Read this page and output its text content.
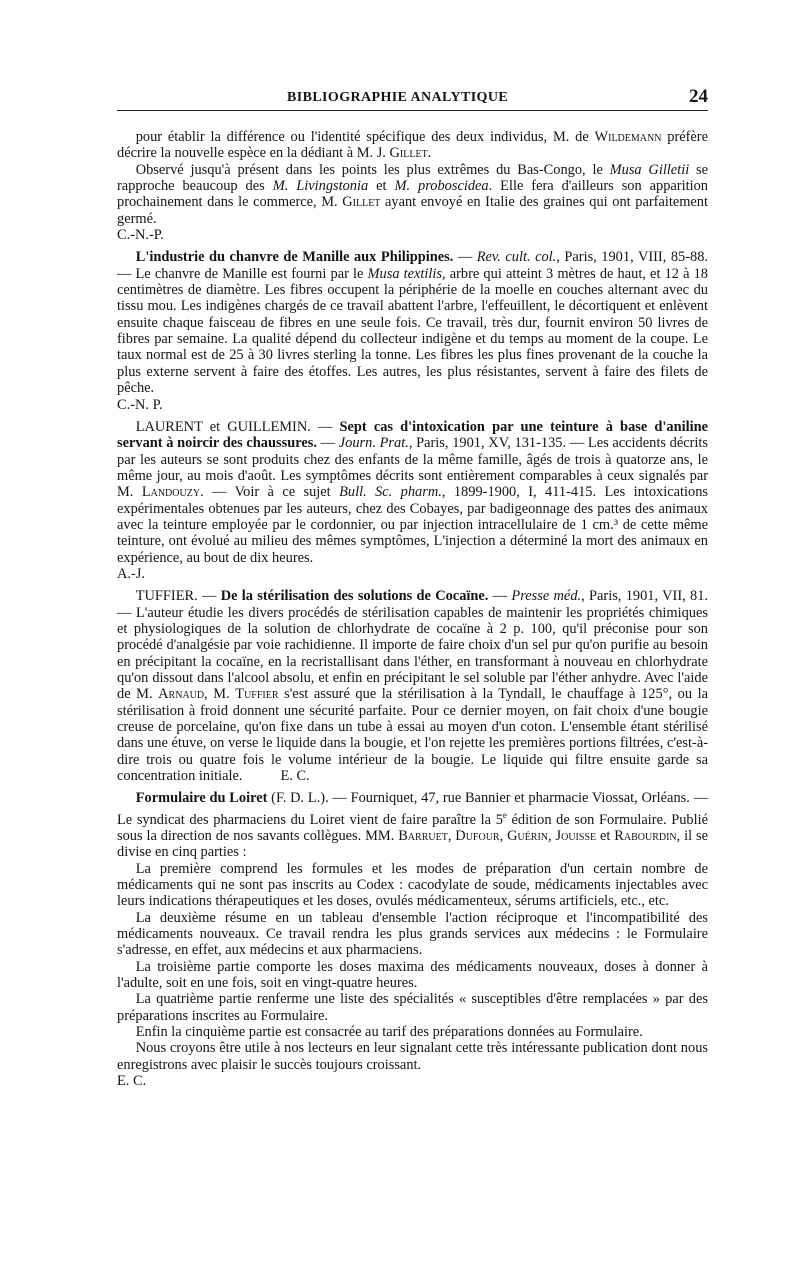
BIBLIOGRAPHIE ANALYTIQUE	24

pour établir la différence ou l'identité spécifique des deux individus, M. de Wildemann préfère décrire la nouvelle espèce en la dédiant à M. J. Gillet.

Observé jusqu'à présent dans les points les plus extrêmes du Bas-Congo, le Musa Gilletii se rapproche beaucoup des M. Livingstonia et M. proboscidea. Elle fera d'ailleurs son apparition prochainement dans le commerce, M. Gillet ayant envoyé en Italie des graines qui ont parfaitement germé.

C.-N.-P.

L'industrie du chanvre de Manille aux Philippines. — Rev. cult. col., Paris, 1901, VIII, 85-88. — Le chanvre de Manille est fourni par le Musa textilis, arbre qui atteint 3 mètres de haut, et 12 à 18 centimètres de diamètre. Les fibres occupent la périphérie de la moelle en couches alternant avec du tissu mou. Les indigènes chargés de ce travail abattent l'arbre, l'effeuillent, le décortiquent et enlèvent ensuite chaque faisceau de fibres en une seule fois. Ce travail, très dur, fournit environ 50 livres de fibres par semaine. La qualité dépend du collecteur indigène et du temps au moment de la coupe. Le taux normal est de 25 à 30 livres sterling la tonne. Les fibres les plus fines provenant de la couche la plus externe servent à faire des étoffes. Les autres, les plus résistantes, servent à faire des filets de pêche.

C.-N. P.

LAURENT et GUILLEMIN. — Sept cas d'intoxication par une teinture à base d'aniline servant à noircir des chaussures. — Journ. Prat., Paris, 1901, XV, 131-135. — Les accidents décrits par les auteurs se sont produits chez des enfants de la même famille, âgés de trois à quatorze ans, le même jour, au mois d'août. Les symptômes décrits sont entièrement comparables à ceux signalés par M. Landouzy. — Voir à ce sujet Bull. Sc. pharm., 1899-1900, I, 411-415. Les intoxications expérimentales obtenues par les auteurs, chez des Cobayes, par badigeonnage des pattes des animaux avec la teinture employée par le cordonnier, ou par injection intracellulaire de 1 cm.³ de cette même teinture, ont évolué au milieu des mêmes symptômes, L'injection a déterminé la mort des animaux en expérience, au bout de dix heures.

A.-J.

TUFFIER. — De la stérilisation des solutions de Cocaïne. — Presse méd., Paris, 1901, VII, 81. — L'auteur étudie les divers procédés de stérilisation capables de maintenir les propriétés chimiques et physiologiques de la solution de chlorhydrate de cocaïne à 2 p. 100, qu'il préconise pour son procédé d'analgésie par voie rachidienne. Il importe de faire choix d'un sel pur qu'on purifie au besoin en précipitant la cocaïne, en la recristallisant dans l'éther, en transformant à nouveau en chlorhydrate qu'on dissout dans l'alcool absolu, et enfin en précipitant le sel soluble par l'éther anhydre. Avec l'aide de M. Arnaud, M. Tuffier s'est assuré que la stérilisation à la Tyndall, le chauffage à 125°, ou la stérilisation à froid donnent une sécurité parfaite. Pour ce dernier moyen, on fait choix d'une bougie creuse de porcelaine, qu'on fixe dans un tube à essai au moyen d'un coton. L'ensemble étant stérilisé dans une étuve, on verse le liquide dans la bougie, et l'on rejette les premières portions filtrées, c'est-à-dire trois ou quatre fois le volume intérieur de la bougie. Le liquide qui filtre ensuite garde sa concentration initiale.	E. C.

Formulaire du Loiret (F. D. L.). — Fourniquet, 47, rue Bannier et pharmacie Viossat, Orléans. — Le syndicat des pharmaciens du Loiret vient de faire paraître la 5e édition de son Formulaire. Publié sous la direction de nos savants collègues. MM. Barruet, Dufour, Guérin, Jouisse et Rabourdin, il se divise en cinq parties :

La première comprend les formules et les modes de préparation d'un certain nombre de médicaments qui ne sont pas inscrits au Codex : cacodylate de soude, médicaments injectables avec leurs indications thérapeutiques et les doses, ovulés médicamenteux, sérums artificiels, etc., etc.

La deuxième résume en un tableau d'ensemble l'action réciproque et l'incompatibilité des médicaments nouveaux. Ce travail rendra les plus grands services aux médecins : le Formulaire s'adresse, en effet, aux médecins et aux pharmaciens.

La troisième partie comporte les doses maxima des médicaments nouveaux, doses à donner à l'adulte, soit en une fois, soit en vingt-quatre heures.

La quatrième partie renferme une liste des spécialités « susceptibles d'être remplacées » par des préparations inscrites au Formulaire.

Enfin la cinquième partie est consacrée au tarif des préparations données au Formulaire.

Nous croyons être utile à nos lecteurs en leur signalant cette très intéressante publication dont nous enregistrons avec plaisir le succès toujours croissant.

E. C.
